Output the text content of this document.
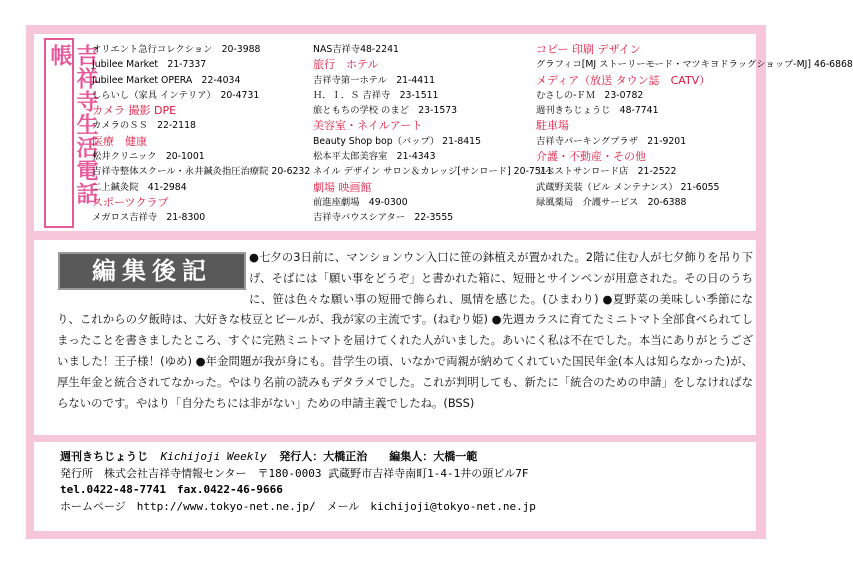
吉祥寺生活電話帳	オリエント急行コレクション　20-3988
Jubilee Market　21-7337
Jubilee Market OPERA　22-4034
しらいし（家具 インテリア）　20-4731
カメラ 撮影 DPE
カメラのＳＳ　22-2118
医療　健康
松井クリニック　20-1001
吉祥寺整体スクール・永井鍼灸指圧治療院 20-6232
二上鍼灸院　41-2984
スポーツクラブ
メガロス吉祥寺　21-8300
NAS吉祥寺48-2241
旅行　ホテル
吉祥寺第一ホテル　21-4411
Ｈ．Ｉ．Ｓ 吉祥寺　23-1511
旅ともちの学校 のまど　23-1573
美容室・ネイルアート
Beauty Shop bop（バップ） 21-8415
松本平太郎美容室　21-4343
ネイル デザイン サロン＆カレッジ[サンロード] 20-7511
劇場 映画館
前進座劇場　49-0300
吉祥寺バウスシアター　22-3555
コピー 印刷 デザイン
グラフィコ[MJ ストーリーモード・マツキヨドラッグショップ-MJ] 46-6868
メディア（放送 タウン誌　CATV）
むさしの-ＦＭ　23-0782
週刊きちじょうじ　48-7741
駐車場
吉祥寺パーキングプラザ　21-9201
介護・不動産・その他
リベストサンロード店　21-2522
武蔵野美装（ビル メンテナンス） 21-6055
緑風薬局　介護サービス　20-6388
編集後記	●七夕の3日前に、マンションウン入口に笹の鉢植えが置かれた。2階に住む人が七夕飾りを吊り下げ、そばには「願い事をどうぞ」と書かれた箱に、短冊とサインペンが用意された。その日のうちに、笹は色々な願い事の短冊で飾られ、風情を感じた。(ひまわり) ●夏野菜の美味しい季節になり、これからの夕飯時は、大好きな枝豆とビールが、我が家の主流です。(ねむり姫) ●先週カラスに育てたミニトマト全部食べられてしまったことを書きましたところ、すぐに完熟ミニトマトを届けてくれた人がいました。あいにく私は不在でした。本当にありがとうございました！王子様！(ゆめ) ●年金問題が我が身にも。昔学生の頃、いなかで両親が納めてくれていた国民年金(本人は知らなかった)が、厚生年金と統合されてなかった。やはり名前の読みもデタラメでした。これが判明しても、新たに「統合のための申請」をしなければならないのです。やはり「自分たちには非がない」ための申請主義でしたね。(BSS)
週刊きちじょうじ Kichijoji Weekly 発行人：大橋正治　　編集人：大橋一範
発行所　株式会社吉祥寺情報センター　〒180-0003 武蔵野市吉祥寺南町1-4-1井の頭ビル7F
tel.0422-48-7741　fax.0422-46-9666
ホームページ　http://www.tokyo-net.ne.jp/　メール　kichijoji@tokyo-net.ne.jp
